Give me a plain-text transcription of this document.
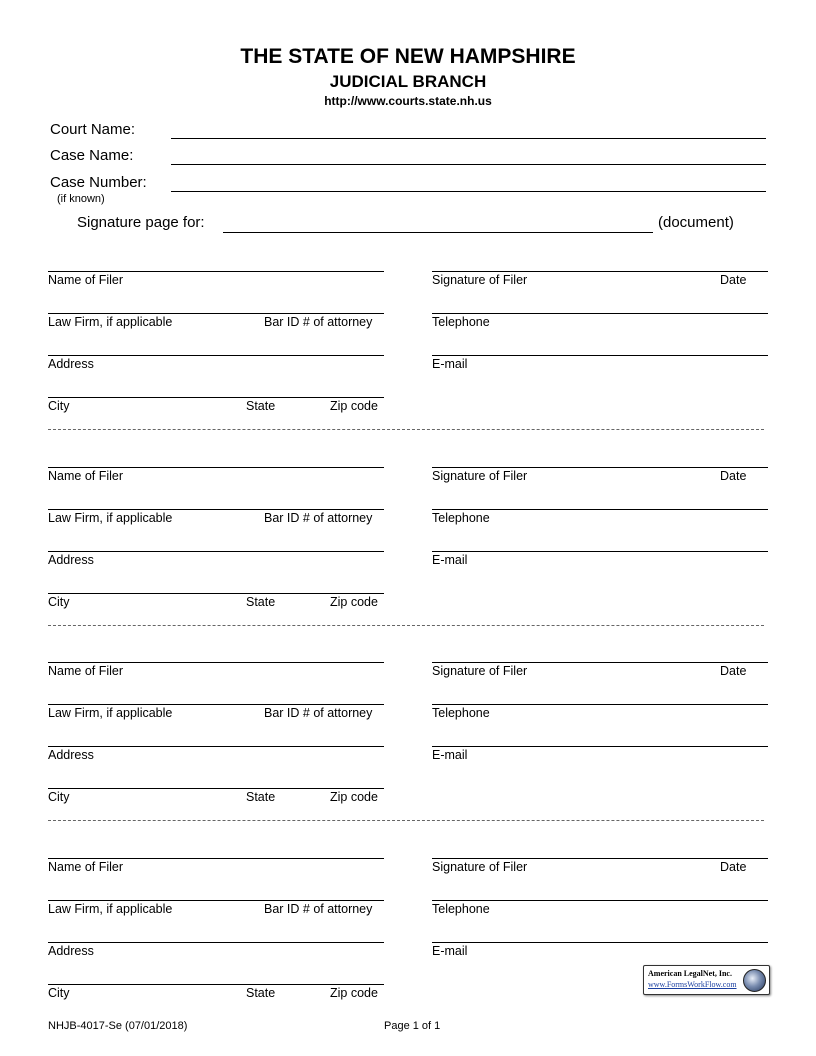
THE STATE OF NEW HAMPSHIRE
JUDICIAL BRANCH
http://www.courts.state.nh.us
Court Name:
Case Name:
Case Number:
(if known)
Signature page for:	(document)
Name of Filer	Signature of Filer	Date
Law Firm, if applicable	Bar ID # of attorney	Telephone
Address	E-mail
City	State	Zip code
Name of Filer	Signature of Filer	Date
Law Firm, if applicable	Bar ID # of attorney	Telephone
Address	E-mail
City	State	Zip code
Name of Filer	Signature of Filer	Date
Law Firm, if applicable	Bar ID # of attorney	Telephone
Address	E-mail
City	State	Zip code
Name of Filer	Signature of Filer	Date
Law Firm, if applicable	Bar ID # of attorney	Telephone
Address	E-mail
City	State	Zip code
American LegalNet, Inc.
www.FormsWorkFlow.com
NHJB-4017-Se (07/01/2018)	Page 1 of 1
